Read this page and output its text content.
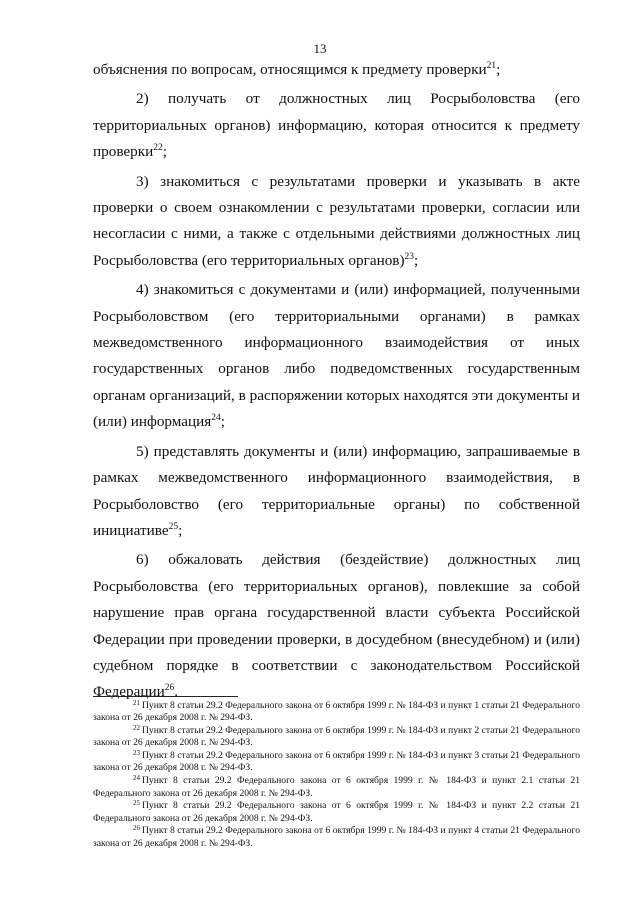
13

объяснения по вопросам, относящимся к предмету проверки$^{21}$;

2) получать от должностных лиц Росрыболовства (его территориальных органов) информацию, которая относится к предмету проверки$^{22}$;

3) знакомиться с результатами проверки и указывать в акте проверки о своем ознакомлении с результатами проверки, согласии или несогласии с ними, а также с отдельными действиями должностных лиц Росрыболовства (его территориальных органов)$^{23}$;

4) знакомиться с документами и (или) информацией, полученными Росрыболовством (его территориальными органами) в рамках межведомственного информационного взаимодействия от иных государственных органов либо подведомственных государственным органам организаций, в распоряжении которых находятся эти документы и (или) информация$^{24}$;

5) представлять документы и (или) информацию, запрашиваемые в рамках межведомственного информационного взаимодействия, в Росрыболовство (его территориальные органы) по собственной инициативе$^{25}$;

6) обжаловать действия (бездействие) должностных лиц Росрыболовства (его территориальных органов), повлекшие за собой нарушение прав органа государственной власти субъекта Российской Федерации при проведении проверки, в досудебном (внесудебном) и (или) судебном порядке в соответствии с законодательством Российской Федерации$^{26}$.

$^{21}$ Пункт 8 статьи 29.2 Федерального закона от 6 октября 1999 г. № 184-ФЗ и пункт 1 статьи 21 Федерального закона от 26 декабря 2008 г. № 294-ФЗ.

$^{22}$ Пункт 8 статьи 29.2 Федерального закона от 6 октября 1999 г. № 184-ФЗ и пункт 2 статьи 21 Федерального закона от 26 декабря 2008 г. № 294-ФЗ.

$^{23}$ Пункт 8 статьи 29.2 Федерального закона от 6 октября 1999 г. № 184-ФЗ и пункт 3 статьи 21 Федерального закона от 26 декабря 2008 г. № 294-ФЗ.

$^{24}$ Пункт 8 статьи 29.2 Федерального закона от 6 октября 1999 г. № 184-ФЗ и пункт 2.1 статьи 21 Федерального закона от 26 декабря 2008 г. № 294-ФЗ.

$^{25}$ Пункт 8 статьи 29.2 Федерального закона от 6 октября 1999 г. № 184-ФЗ и пункт 2.2 статьи 21 Федерального закона от 26 декабря 2008 г. № 294-ФЗ.

$^{26}$ Пункт 8 статьи 29.2 Федерального закона от 6 октября 1999 г. № 184-ФЗ и пункт 4 статьи 21 Федерального закона от 26 декабря 2008 г. № 294-ФЗ.
